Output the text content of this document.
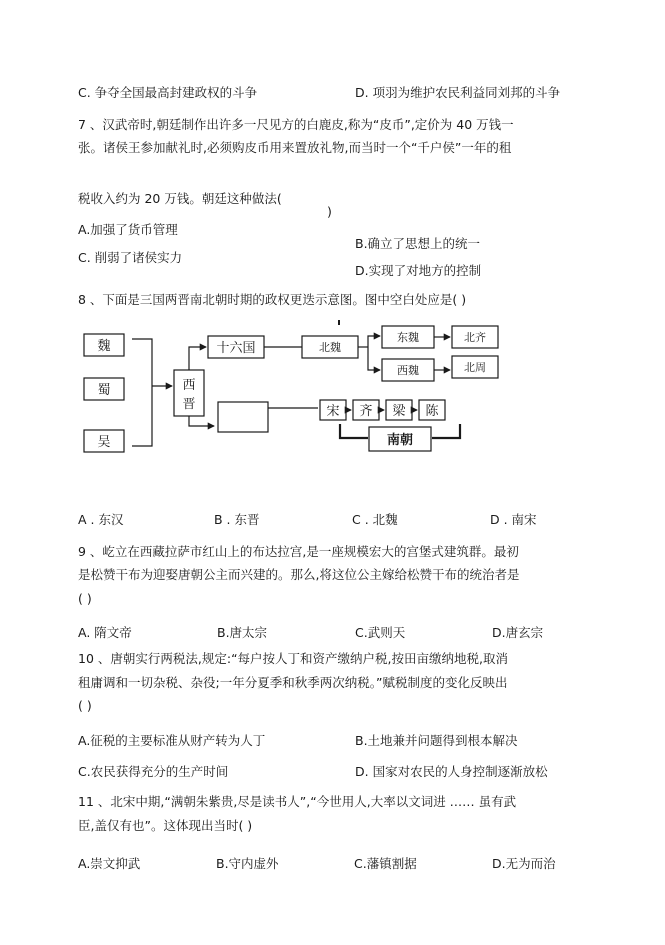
C. 争夺全国最高封建政权的斗争	D. 项羽为维护农民利益同刘邦的斗争
7 、汉武帝时,朝廷制作出许多一尺见方的白鹿皮,称为“皮币”,定价为 40 万钱一
张。诸侯王参加献礼时,必须购皮币用来置放礼物,而当时一个“千户侯”一年的租
税收入约为 20 万钱。朝廷这种做法(
)
A.加强了货币管理
B.确立了思想上的统一
C. 削弱了诸侯实力
D.实现了对地方的控制
8 、下面是三国两晋南北朝时期的政权更迭示意图。图中空白处应是( )
魏
蜀
吴
西
晋
十六国	北魏
东魏
西魏
北齐
北周
宋 齐 梁 陈
南朝
A . 东汉	B . 东晋	C . 北魏	D . 南宋
9 、屹立在西藏拉萨市红山上的布达拉宫,是一座规模宏大的宫堡式建筑群。最初
是松赞干布为迎娶唐朝公主而兴建的。那么,将这位公主嫁给松赞干布的统治者是
( )
A. 隋文帝	B.唐太宗	C.武则天	D.唐玄宗
10 、唐朝实行两税法,规定:“每户按人丁和资产缴纳户税,按田亩缴纳地税,取消
租庸调和一切杂税、杂役;一年分夏季和秋季两次纳税。”赋税制度的变化反映出
( )
A.征税的主要标准从财产转为人丁	B.土地兼并问题得到根本解决
C.农民获得充分的生产时间	D. 国家对农民的人身控制逐渐放松
11 、北宋中期,“满朝朱紫贵,尽是读书人”,“今世用人,大率以文词进 …… 虽有武
臣,盖仅有也”。这体现出当时( )
A.崇文抑武	B.守内虚外	C.藩镇割据	D.无为而治
